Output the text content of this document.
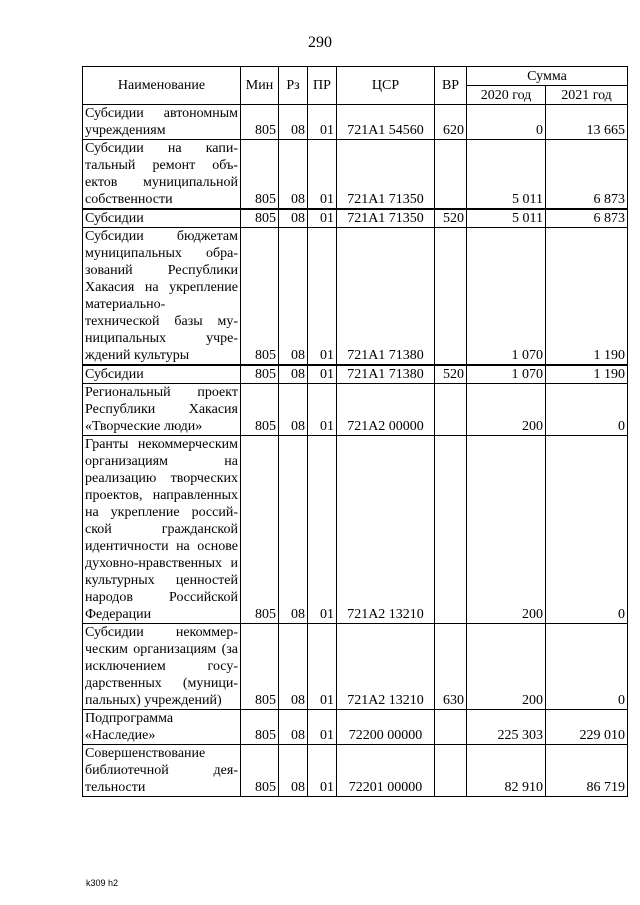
290
Наименование	Мин	Рз	ПР	ЦСР	ВР	Сумма	
						2020 год	2021 год
Субсидии автономным учреждениям	805	08	01	721А1 54560	620	0	13 665
Субсидии на капитальный ремонт объектов муниципальной собственности	805	08	01	721А1 71350		5 011	6 873
Субсидии	805	08	01	721А1 71350	520	5 011	6 873
Субсидии бюджетам муниципальных образований Республики Хакасия на укрепление материально-технической базы муниципальных учреждений культуры	805	08	01	721А1 71380		1 070	1 190
Субсидии	805	08	01	721А1 71380	520	1 070	1 190
Региональный проект Республики Хакасия «Творческие люди»	805	08	01	721А2 00000		200	0
Гранты некоммерческим организациям на реализацию творческих проектов, направленных на укрепление российской гражданской идентичности на основе духовно-нравственных и культурных ценностей народов Российской Федерации	805	08	01	721А2 13210		200	0
Субсидии некоммерческим организациям (за исключением государственных (муниципальных) учреждений)	805	08	01	721А2 13210	630	200	0
Подпрограмма «Наследие»	805	08	01	72200 00000		225 303	229 010
Совершенствование библиотечной деятельности	805	08	01	72201 00000		82 910	86 719
k309 h2
